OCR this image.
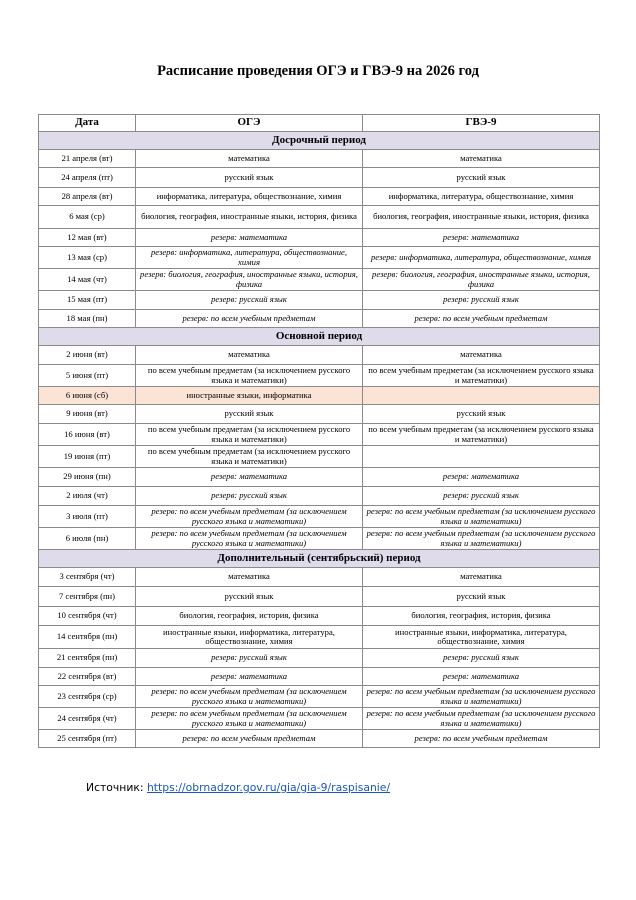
Расписание проведения ОГЭ и ГВЭ-9 на 2026 год
Дата	ОГЭ	ГВЭ-9
Досрочный период		
21 апреля (вт)	математика	математика
24 апреля (пт)	русский язык	русский язык
28 апреля (вт)	информатика, литература, обществознание, химия	информатика, литература, обществознание, химия
6 мая (ср)	биология, география, иностранные языки, история, физика	биология, география, иностранные языки, история, физика
12 мая (вт)	резерв: математика	резерв: математика
13 мая (ср)	резерв: информатика, литература, обществознание, химия	резерв: информатика, литература, обществознание, химия
14 мая (чт)	резерв: биология, география, иностранные языки, история, физика	резерв: биология, география, иностранные языки, история, физика
15 мая (пт)	резерв: русский язык	резерв: русский язык
18 мая (пн)	резерв: по всем учебным предметам	резерв: по всем учебным предметам
Основной период		
2 июня (вт)	математика	математика
5 июня (пт)	по всем учебным предметам (за исключением русского языка и математики)	по всем учебным предметам (за исключением русского языка и математики)
6 июня (сб)	иностранные языки, информатика	
9 июня (вт)	русский язык	русский язык
16 июня (вт)	по всем учебным предметам (за исключением русского языка и математики)	по всем учебным предметам (за исключением русского языка и математики)
19 июня (пт)	по всем учебным предметам (за исключением русского языка и математики)	
29 июня (пн)	резерв: математика	резерв: математика
2 июля (чт)	резерв: русский язык	резерв: русский язык
3 июля (пт)	резерв: по всем учебным предметам (за исключением русского языка и математики)	резерв: по всем учебным предметам (за исключением русского языка и математики)
6 июля (пн)	резерв: по всем учебным предметам (за исключением русского языка и математики)	резерв: по всем учебным предметам (за исключением русского языка и математики)
Дополнительный (сентябрьский) период		
3 сентября (чт)	математика	математика
7 сентября (пн)	русский язык	русский язык
10 сентября (чт)	биология, география, история, физика	биология, география, история, физика
14 сентября (пн)	иностранные языки, информатика, литература, обществознание, химия	иностранные языки, информатика, литература, обществознание, химия
21 сентября (пн)	резерв: русский язык	резерв: русский язык
22 сентября (вт)	резерв: математика	резерв: математика
23 сентября (ср)	резерв: по всем учебным предметам (за исключением русского языка и математики)	резерв: по всем учебным предметам (за исключением русского языка и математики)
24 сентября (чт)	резерв: по всем учебным предметам (за исключением русского языка и математики)	резерв: по всем учебным предметам (за исключением русского языка и математики)
25 сентября (пт)	резерв: по всем учебным предметам	резерв: по всем учебным предметам
Источник: https://obrnadzor.gov.ru/gia/gia-9/raspisanie/
